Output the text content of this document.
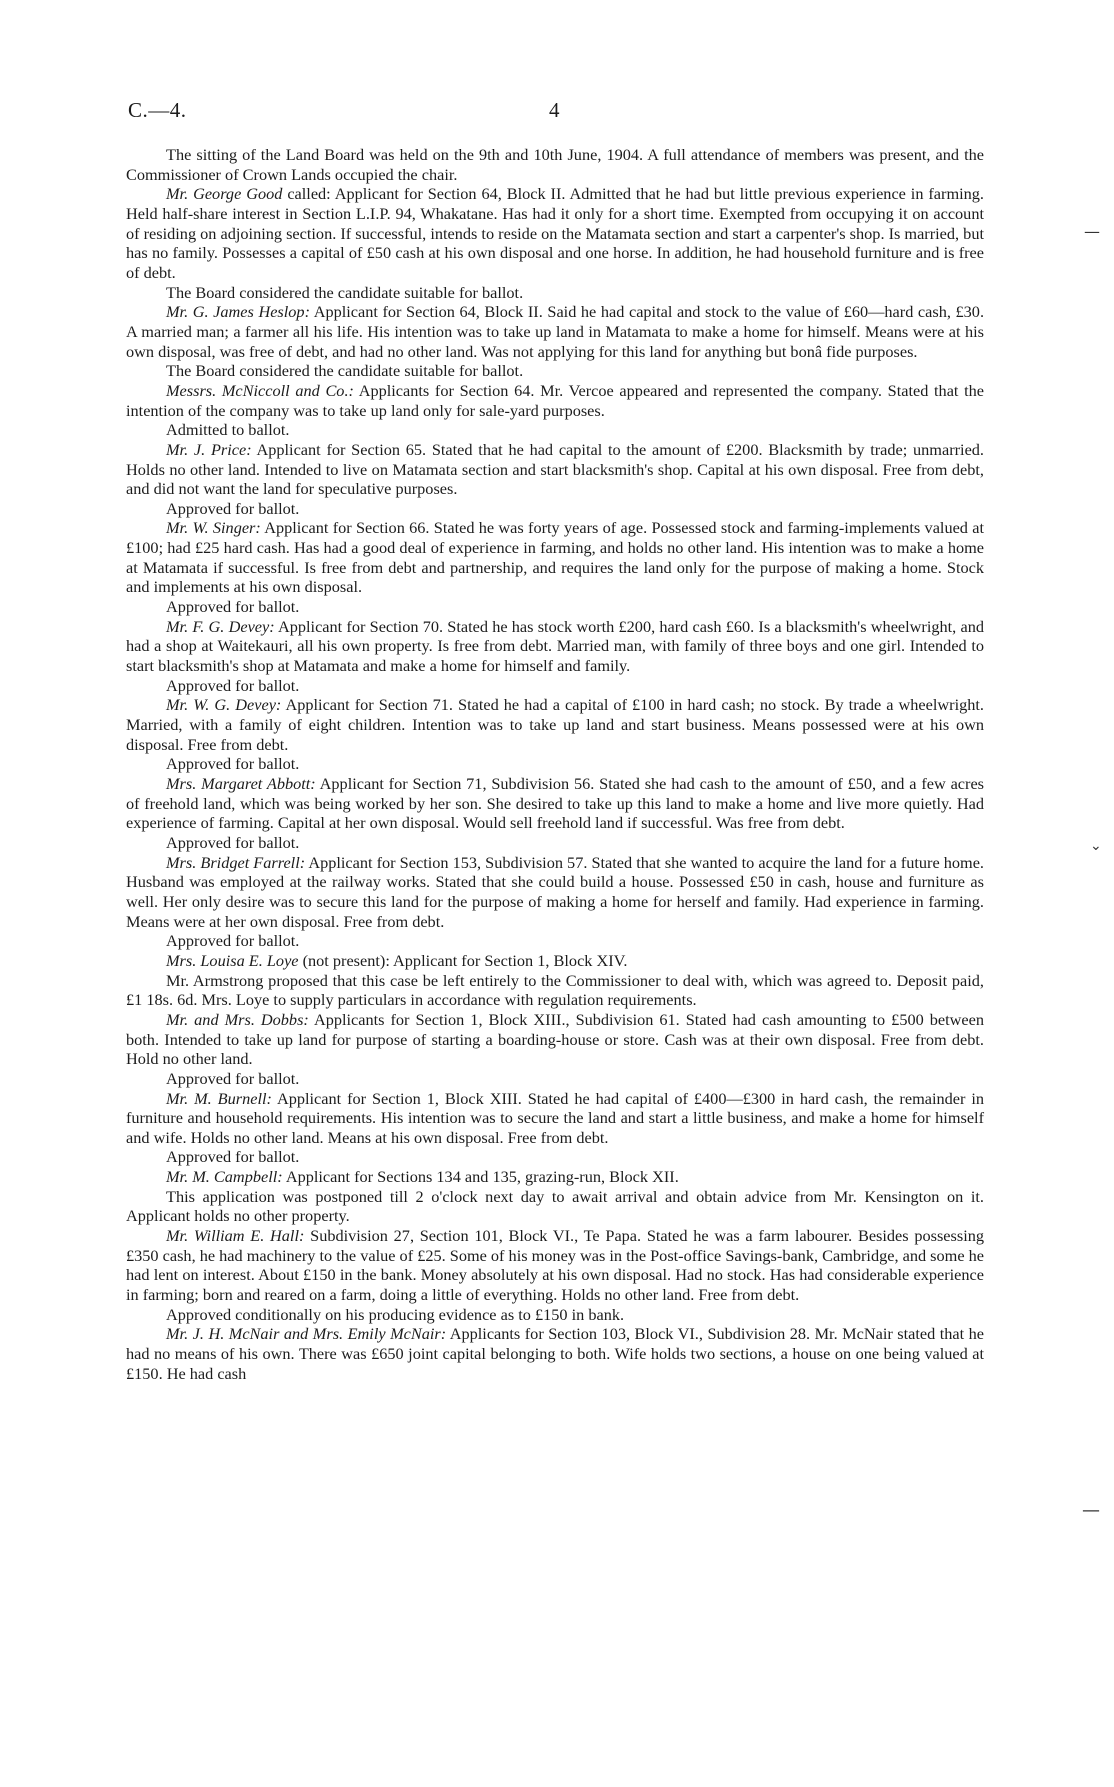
C.—4.	4

The sitting of the Land Board was held on the 9th and 10th June, 1904. A full attendance of members was present, and the Commissioner of Crown Lands occupied the chair.

Mr. George Good called: Applicant for Section 64, Block II. Admitted that he had but little previous experience in farming. Held half-share interest in Section L.I.P. 94, Whakatane. Has had it only for a short time. Exempted from occupying it on account of residing on adjoining section. If successful, intends to reside on the Matamata section and start a carpenter's shop. Is married, but has no family. Possesses a capital of £50 cash at his own disposal and one horse. In addition, he had household furniture and is free of debt.

The Board considered the candidate suitable for ballot.

Mr. G. James Heslop: Applicant for Section 64, Block II. Said he had capital and stock to the value of £60—hard cash, £30. A married man; a farmer all his life. His intention was to take up land in Matamata to make a home for himself. Means were at his own disposal, was free of debt, and had no other land. Was not applying for this land for anything but bonâ fide purposes.

The Board considered the candidate suitable for ballot.

Messrs. McNiccoll and Co.: Applicants for Section 64. Mr. Vercoe appeared and represented the company. Stated that the intention of the company was to take up land only for sale-yard purposes.

Admitted to ballot.

Mr. J. Price: Applicant for Section 65. Stated that he had capital to the amount of £200. Blacksmith by trade; unmarried. Holds no other land. Intended to live on Matamata section and start blacksmith's shop. Capital at his own disposal. Free from debt, and did not want the land for speculative purposes.

Approved for ballot.

Mr. W. Singer: Applicant for Section 66. Stated he was forty years of age. Possessed stock and farming-implements valued at £100; had £25 hard cash. Has had a good deal of experience in farming, and holds no other land. His intention was to make a home at Matamata if successful. Is free from debt and partnership, and requires the land only for the purpose of making a home. Stock and implements at his own disposal.

Approved for ballot.

Mr. F. G. Devey: Applicant for Section 70. Stated he has stock worth £200, hard cash £60. Is a blacksmith's wheelwright, and had a shop at Waitekauri, all his own property. Is free from debt. Married man, with family of three boys and one girl. Intended to start blacksmith's shop at Matamata and make a home for himself and family.

Approved for ballot.

Mr. W. G. Devey: Applicant for Section 71. Stated he had a capital of £100 in hard cash; no stock. By trade a wheelwright. Married, with a family of eight children. Intention was to take up land and start business. Means possessed were at his own disposal. Free from debt.

Approved for ballot.

Mrs. Margaret Abbott: Applicant for Section 71, Subdivision 56. Stated she had cash to the amount of £50, and a few acres of freehold land, which was being worked by her son. She desired to take up this land to make a home and live more quietly. Had experience of farming. Capital at her own disposal. Would sell freehold land if successful. Was free from debt.

Approved for ballot.

Mrs. Bridget Farrell: Applicant for Section 153, Subdivision 57. Stated that she wanted to acquire the land for a future home. Husband was employed at the railway works. Stated that she could build a house. Possessed £50 in cash, house and furniture as well. Her only desire was to secure this land for the purpose of making a home for herself and family. Had experience in farming. Means were at her own disposal. Free from debt.

Approved for ballot.

Mrs. Louisa E. Loye (not present): Applicant for Section 1, Block XIV.

Mr. Armstrong proposed that this case be left entirely to the Commissioner to deal with, which was agreed to. Deposit paid, £1 18s. 6d. Mrs. Loye to supply particulars in accordance with regulation requirements.

Mr. and Mrs. Dobbs: Applicants for Section 1, Block XIII., Subdivision 61. Stated had cash amounting to £500 between both. Intended to take up land for purpose of starting a boarding-house or store. Cash was at their own disposal. Free from debt. Hold no other land.

Approved for ballot.

Mr. M. Burnell: Applicant for Section 1, Block XIII. Stated he had capital of £400—£300 in hard cash, the remainder in furniture and household requirements. His intention was to secure the land and start a little business, and make a home for himself and wife. Holds no other land. Means at his own disposal. Free from debt.

Approved for ballot.

Mr. M. Campbell: Applicant for Sections 134 and 135, grazing-run, Block XII.

This application was postponed till 2 o'clock next day to await arrival and obtain advice from Mr. Kensington on it. Applicant holds no other property.

Mr. William E. Hall: Subdivision 27, Section 101, Block VI., Te Papa. Stated he was a farm labourer. Besides possessing £350 cash, he had machinery to the value of £25. Some of his money was in the Post-office Savings-bank, Cambridge, and some he had lent on interest. About £150 in the bank. Money absolutely at his own disposal. Had no stock. Has had considerable experience in farming; born and reared on a farm, doing a little of everything. Holds no other land. Free from debt.

Approved conditionally on his producing evidence as to £150 in bank.

Mr. J. H. McNair and Mrs. Emily McNair: Applicants for Section 103, Block VI., Subdivision 28. Mr. McNair stated that he had no means of his own. There was £650 joint capital belonging to both. Wife holds two sections, a house on one being valued at £150. He had cash

—
⌄
—
